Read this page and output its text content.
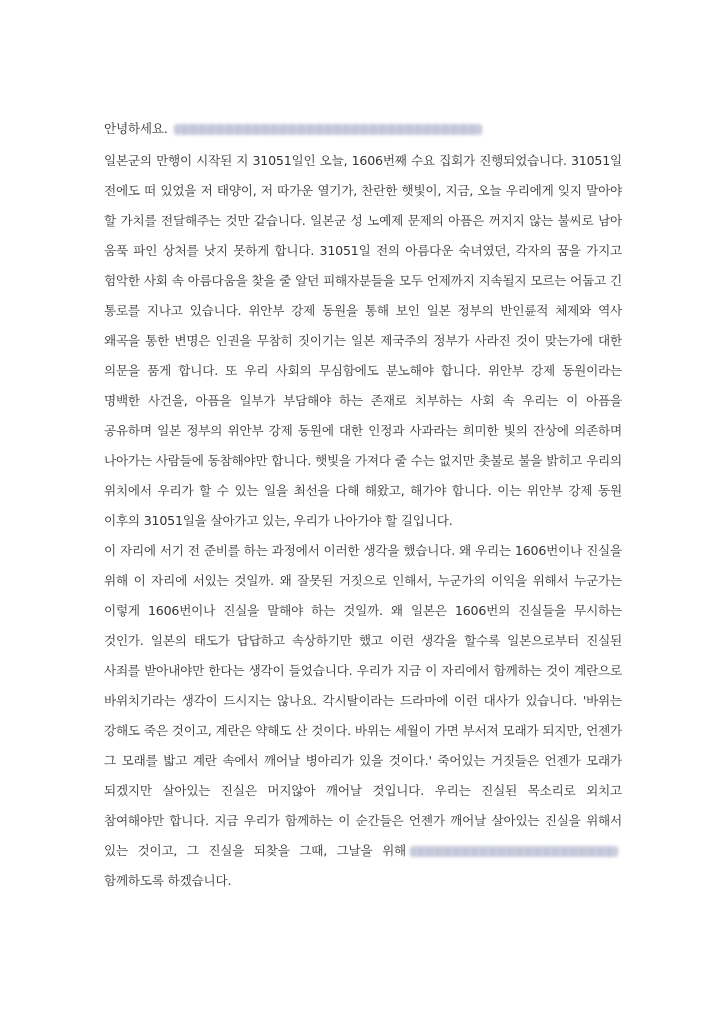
안녕하세요.

일본군의 만행이 시작된 지 31051일인 오늘, 1606번째 수요 집회가 진행되었습니다. 31051일 전에도 떠 있었을 저 태양이, 저 따가운 열기가, 찬란한 햇빛이, 지금, 오늘 우리에게 잊지 말아야 할 가치를 전달해주는 것만 같습니다. 일본군 성 노예제 문제의 아픔은 꺼지지 않는 불씨로 남아 움푹 파인 상처를 낫지 못하게 합니다. 31051일 전의 아름다운 숙녀였던, 각자의 꿈을 가지고 험악한 사회 속 아름다움을 찾을 줄 알던 피해자분들을 모두 언제까지 지속될지 모르는 어둡고 긴 통로를 지나고 있습니다. 위안부 강제 동원을 통해 보인 일본 정부의 반인륜적 체제와 역사 왜곡을 통한 변명은 인권을 무참히 짓이기는 일본 제국주의 정부가 사라진 것이 맞는가에 대한 의문을 품게 합니다. 또 우리 사회의 무심함에도 분노해야 합니다. 위안부 강제 동원이라는 명백한 사건을, 아픔을 일부가 부담해야 하는 존재로 치부하는 사회 속 우리는 이 아픔을 공유하며 일본 정부의 위안부 강제 동원에 대한 인정과 사과라는 희미한 빛의 잔상에 의존하며 나아가는 사람들에 동참해야만 합니다. 햇빛을 가져다 줄 수는 없지만 촛불로 불을 밝히고 우리의 위치에서 우리가 할 수 있는 일을 최선을 다해 해왔고, 해가야 합니다. 이는 위안부 강제 동원 이후의 31051일을 살아가고 있는, 우리가 나아가야 할 길입니다.

이 자리에 서기 전 준비를 하는 과정에서 이러한 생각을 했습니다. 왜 우리는 1606번이나 진실을 위해 이 자리에 서있는 것일까. 왜 잘못된 거짓으로 인해서, 누군가의 이익을 위해서 누군가는 이렇게 1606번이나 진실을 말해야 하는 것일까. 왜 일본은 1606번의 진실들을 무시하는 것인가. 일본의 태도가 답답하고 속상하기만 했고 이런 생각을 할수록 일본으로부터 진실된 사죄를 받아내야만 한다는 생각이 들었습니다. 우리가 지금 이 자리에서 함께하는 것이 계란으로 바위치기라는 생각이 드시지는 않나요. 각시탈이라는 드라마에 이런 대사가 있습니다. '바위는 강해도 죽은 것이고, 계란은 약해도 산 것이다. 바위는 세월이 가면 부서져 모래가 되지만, 언젠가 그 모래를 밟고 계란 속에서 깨어날 병아리가 있을 것이다.' 죽어있는 거짓들은 언젠가 모래가 되겠지만 살아있는 진실은 머지않아 깨어날 것입니다. 우리는 진실된 목소리로 외치고 참여해야만 합니다. 지금 우리가 함께하는 이 순간들은 언젠가 깨어날 살아있는 진실을 위해서 있는 것이고, 그 진실을 되찾을 그때, 그날을 위해함께하도록 하겠습니다.
